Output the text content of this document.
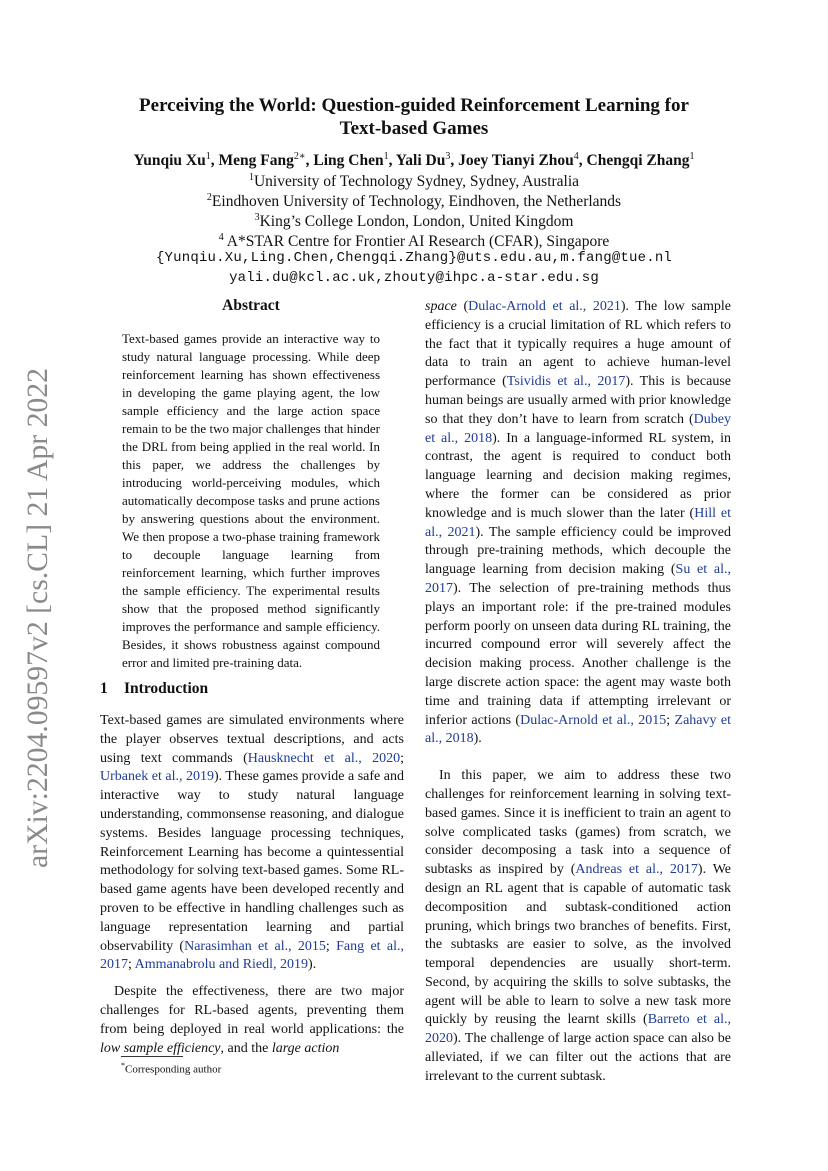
arXiv:2204.09597v2 [cs.CL] 21 Apr 2022
Perceiving the World: Question-guided Reinforcement Learning for
Text-based Games
Yunqiu Xu$^1$, Meng Fang$^{2∗}$, Ling Chen$^1$, Yali Du$^3$, Joey Tianyi Zhou$^4$, Chengqi Zhang$^1$
$^1$University of Technology Sydney, Sydney, Australia
$^2$Eindhoven University of Technology, Eindhoven, the Netherlands
$^3$King’s College London, London, United Kingdom
$^4$ A*STAR Centre for Frontier AI Research (CFAR), Singapore
{Yunqiu.Xu,Ling.Chen,Chengqi.Zhang}@uts.edu.au,m.fang@tue.nl
yali.du@kcl.ac.uk,zhouty@ihpc.a-star.edu.sg
Abstract
Text-based games provide an interactive way to study natural language processing. While deep reinforcement learning has shown effectiveness in developing the game playing agent, the low sample efficiency and the large action space remain to be the two major challenges that hinder the DRL from being applied in the real world. In this paper, we address the challenges by introducing world-perceiving modules, which automatically decompose tasks and prune actions by answering questions about the environment. We then propose a two-phase training framework to decouple language learning from reinforcement learning, which further improves the sample efficiency. The experimental results show that the proposed method significantly improves the performance and sample efficiency. Besides, it shows robustness against compound error and limited pre-training data.
1 Introduction

Text-based games are simulated environments where the player observes textual descriptions, and acts using text commands (Hausknecht et al., 2020; Urbanek et al., 2019). These games provide a safe and interactive way to study natural language understanding, commonsense reasoning, and dialogue systems. Besides language processing techniques, Reinforcement Learning has become a quintessential methodology for solving text-based games. Some RL-based game agents have been developed recently and proven to be effective in handling challenges such as language representation learning and partial observability (Narasimhan et al., 2015; Fang et al., 2017; Ammanabrolu and Riedl, 2019).

Despite the effectiveness, there are two major challenges for RL-based agents, preventing them from being deployed in real world applications: the low sample efficiency, and the large action

space (Dulac-Arnold et al., 2021). The low sample efficiency is a crucial limitation of RL which refers to the fact that it typically requires a huge amount of data to train an agent to achieve human-level performance (Tsividis et al., 2017). This is because human beings are usually armed with prior knowledge so that they don’t have to learn from scratch (Dubey et al., 2018). In a language-informed RL system, in contrast, the agent is required to conduct both language learning and decision making regimes, where the former can be considered as prior knowledge and is much slower than the later (Hill et al., 2021). The sample efficiency could be improved through pre-training methods, which decouple the language learning from decision making (Su et al., 2017). The selection of pre-training methods thus plays an important role: if the pre-trained modules perform poorly on unseen data during RL training, the incurred compound error will severely affect the decision making process. Another challenge is the large discrete action space: the agent may waste both time and training data if attempting irrelevant or inferior actions (Dulac-Arnold et al., 2015; Zahavy et al., 2018).

In this paper, we aim to address these two challenges for reinforcement learning in solving text-based games. Since it is inefficient to train an agent to solve complicated tasks (games) from scratch, we consider decomposing a task into a sequence of subtasks as inspired by (Andreas et al., 2017). We design an RL agent that is capable of automatic task decomposition and subtask-conditioned action pruning, which brings two branches of benefits. First, the subtasks are easier to solve, as the involved temporal dependencies are usually short-term. Second, by acquiring the skills to solve subtasks, the agent will be able to learn to solve a new task more quickly by reusing the learnt skills (Barreto et al., 2020). The challenge of large action space can also be alleviated, if we can filter out the actions that are irrelevant to the current subtask.

*Corresponding author
